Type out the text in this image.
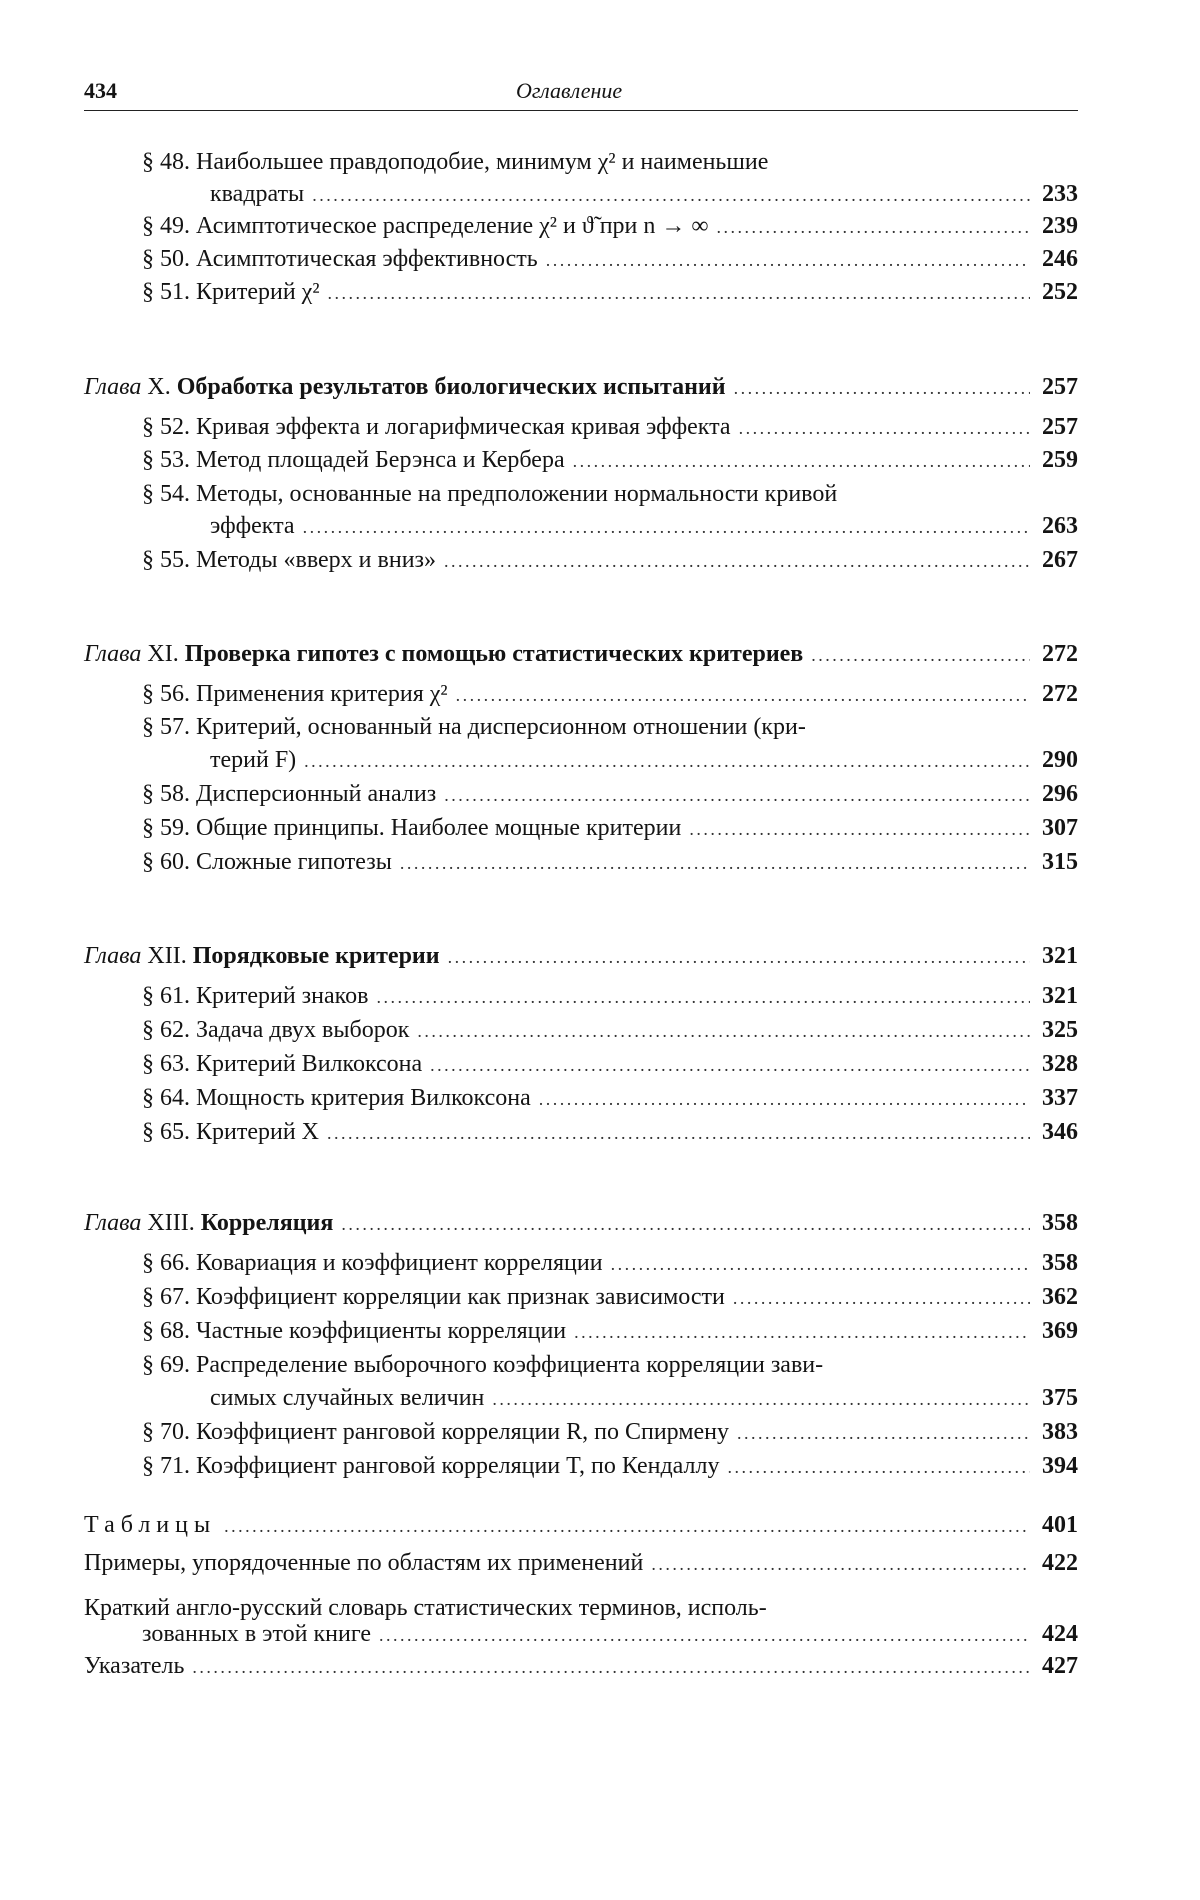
434	Оглавление
§ 48. Наибольшее правдоподобие, минимум χ² и наименьшие
квадраты . . .	233
§ 49. Асимптотическое распределение χ² и ϑ̃ при n → ∞ . . .	239
§ 50. Асимптотическая эффективность . . .	246
§ 51. Критерий χ² . . .	252
Глава X. Обработка результатов биологических испытаний . . .	257
§ 52. Кривая эффекта и логарифмическая кривая эффекта . . .	257
§ 53. Метод площадей Берэнса и Кербера . . .	259
§ 54. Методы, основанные на предположении нормальности кривой
эффекта . . .	263
§ 55. Методы «вверх и вниз» . . .	267
Глава XI. Проверка гипотез с помощью статистических критериев . . .	272
§ 56. Применения критерия χ² . . .	272
§ 57. Критерий, основанный на дисперсионном отношении (кри-
терий F) . . .	290
§ 58. Дисперсионный анализ . . .	296
§ 59. Общие принципы. Наиболее мощные критерии . . .	307
§ 60. Сложные гипотезы . . .	315
Глава XII. Порядковые критерии . . .	321
§ 61. Критерий знаков . . .	321
§ 62. Задача двух выборок . . .	325
§ 63. Критерий Вилкоксона . . .	328
§ 64. Мощность критерия Вилкоксона . . .	337
§ 65. Критерий X . . .	346
Глава XIII. Корреляция . . .	358
§ 66. Ковариация и коэффициент корреляции . . .	358
§ 67. Коэффициент корреляции как признак зависимости . . .	362
§ 68. Частные коэффициенты корреляции . . .	369
§ 69. Распределение выборочного коэффициента корреляции зави-
симых случайных величин . . .	375
§ 70. Коэффициент ранговой корреляции R, по Спирмену . . .	383
§ 71. Коэффициент ранговой корреляции T, по Кендаллу . . .	394
Таблицы . . .	401
Примеры, упорядоченные по областям их применений . . .	422
Краткий англо-русский словарь статистических терминов, исполь-
зованных в этой книге . . .	424
Указатель . . .	427
